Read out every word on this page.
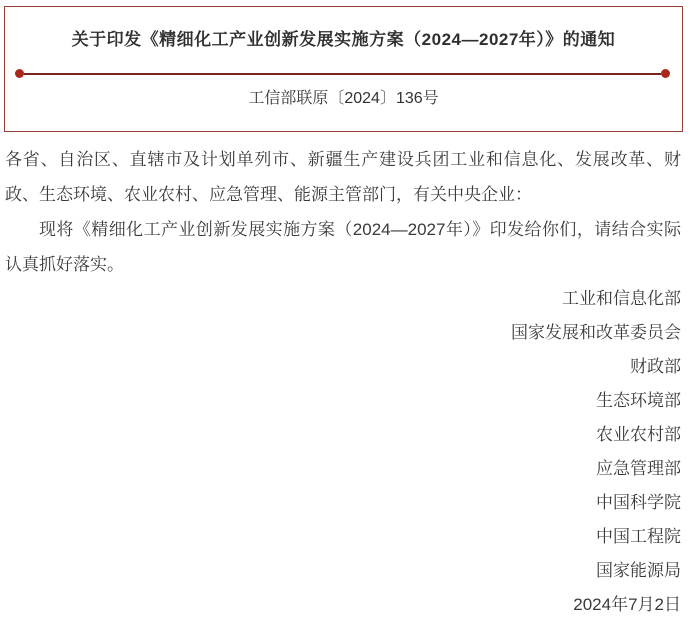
关于印发《精细化工产业创新发展实施方案（2024—2027年）》的通知
工信部联原〔2024〕136号

各省、自治区、直辖市及计划单列市、新疆生产建设兵团工业和信息化、发展改革、财政、生态环境、农业农村、应急管理、能源主管部门，有关中央企业：

现将《精细化工产业创新发展实施方案（2024—2027年）》印发给你们，请结合实际认真抓好落实。

工业和信息化部
国家发展和改革委员会
财政部
生态环境部
农业农村部
应急管理部
中国科学院
中国工程院
国家能源局
2024年7月2日
